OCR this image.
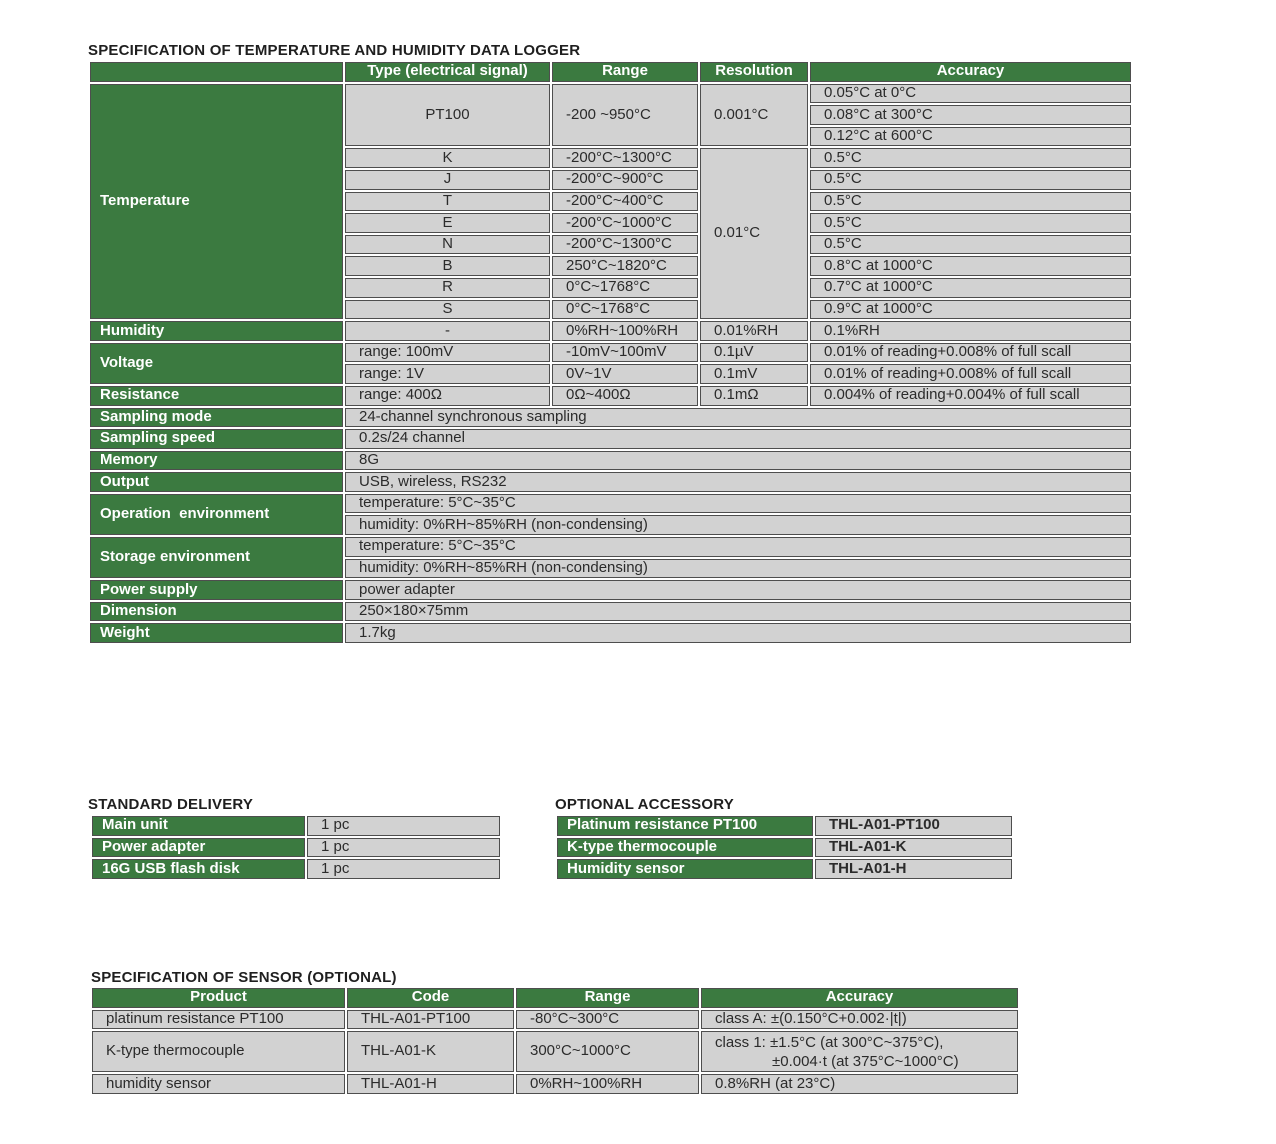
SPECIFICATION OF TEMPERATURE AND HUMIDITY DATA LOGGER
	Type (electrical signal)	Range	Resolution	Accuracy
Temperature	PT100	-200 ~950°C	0.001°C	0.05°C at 0°C
				0.08°C at 300°C
				0.12°C at 600°C
	K	-200°C~1300°C	0.01°C	0.5°C
	J	-200°C~900°C		0.5°C
	T	-200°C~400°C		0.5°C
	E	-200°C~1000°C		0.5°C
	N	-200°C~1300°C		0.5°C
	B	250°C~1820°C		0.8°C at 1000°C
	R	0°C~1768°C		0.7°C at 1000°C
	S	0°C~1768°C		0.9°C at 1000°C
Humidity	-	0%RH~100%RH	0.01%RH	0.1%RH
Voltage	range: 100mV	-10mV~100mV	0.1µV	0.01% of reading+0.008% of full scall
	range: 1V	0V~1V	0.1mV	0.01% of reading+0.008% of full scall
Resistance	range: 400Ω	0Ω~400Ω	0.1mΩ	0.004% of reading+0.004% of full scall
Sampling mode	24-channel synchronous sampling			
Sampling speed	0.2s/24 channel			
Memory	8G			
Output	USB, wireless, RS232			
Operation  environment	temperature: 5°C~35°C			
	humidity: 0%RH~85%RH (non-condensing)			
Storage environment	temperature: 5°C~35°C			
	humidity: 0%RH~85%RH (non-condensing)			
Power supply	power adapter			
Dimension	250×180×75mm			
Weight	1.7kg			
STANDARD DELIVERY
Main unit	1 pc
Power adapter	1 pc
16G USB flash disk	1 pc
OPTIONAL ACCESSORY
Platinum resistance PT100	THL-A01-PT100
K-type thermocouple	THL-A01-K
Humidity sensor	THL-A01-H
SPECIFICATION OF SENSOR (OPTIONAL)
Product	Code	Range	Accuracy
platinum resistance PT100	THL-A01-PT100	-80°C~300°C	class A: ±(0.150°C+0.002·|t|)
K-type thermocouple	THL-A01-K	300°C~1000°C	class 1: ±1.5°C (at 300°C~375°C),
±0.004·t (at 375°C~1000°C)

humidity sensor	THL-A01-H	0%RH~100%RH	0.8%RH (at 23°C)
